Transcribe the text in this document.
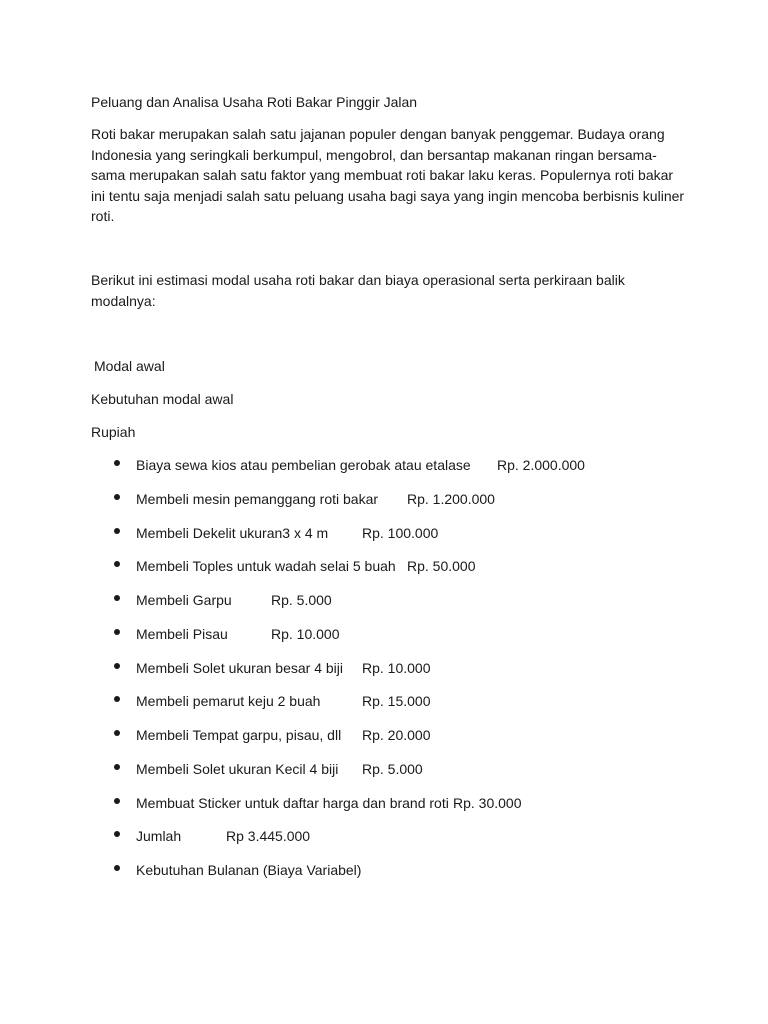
Peluang dan Analisa Usaha Roti Bakar Pinggir Jalan

Roti bakar merupakan salah satu jajanan populer dengan banyak penggemar. Budaya orang Indonesia yang seringkali berkumpul, mengobrol, dan bersantap makanan ringan bersama-sama merupakan salah satu faktor yang membuat roti bakar laku keras. Populernya roti bakar ini tentu saja menjadi salah satu peluang usaha bagi saya yang ingin mencoba berbisnis kuliner roti.

Berikut ini estimasi modal usaha roti bakar dan biaya operasional serta perkiraan balik modalnya:

Modal awal

Kebutuhan modal awal

Rupiah

Biaya sewa kios atau pembelian gerobak atau etalase Rp. 2.000.000
Membeli mesin pemanggang roti bakar Rp. 1.200.000
Membeli Dekelit ukuran3 x 4 m Rp. 100.000
Membeli Toples untuk wadah selai 5 buah Rp. 50.000
Membeli Garpu	Rp. 5.000
Membeli Pisau	Rp. 10.000
Membeli Solet ukuran besar 4 biji Rp. 10.000
Membeli pemarut keju 2 buah	Rp. 15.000
Membeli Tempat garpu, pisau, dll Rp. 20.000
Membeli Solet ukuran Kecil 4 biji Rp. 5.000
Membuat Sticker untuk daftar harga dan brand roti Rp. 30.000
Jumlah	Rp 3.445.000
Kebutuhan Bulanan (Biaya Variabel)
